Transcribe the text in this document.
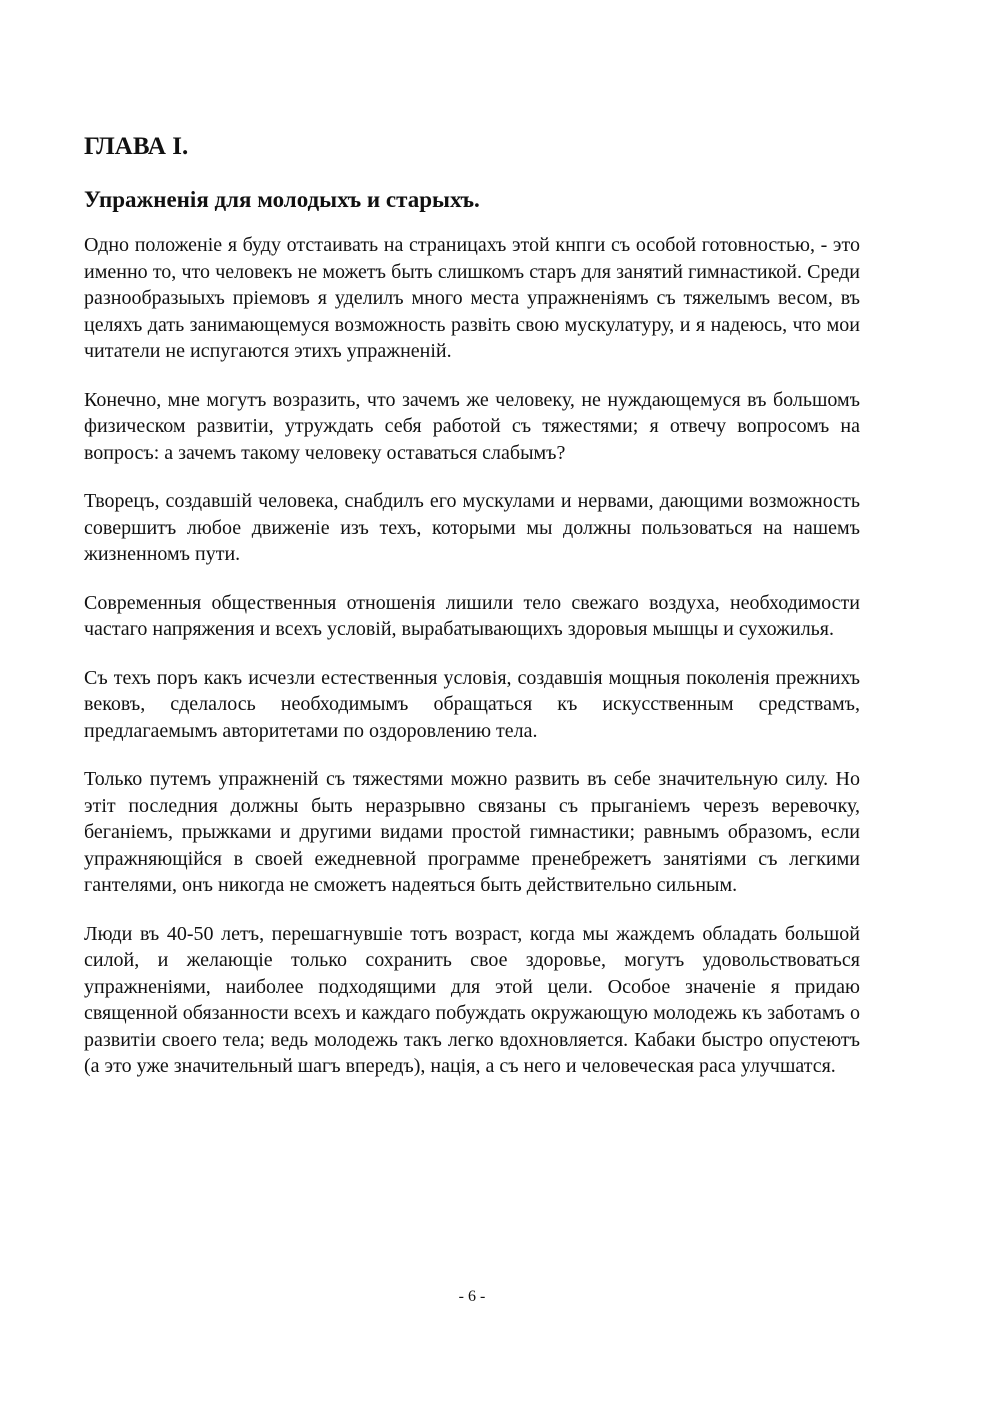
ГЛАВА I.
Упражненія для молодыхъ и старыхъ.

Одно положеніе я буду отстаивать на страницахъ этой кнпги съ особой готовностью, - это именно то, что человекъ не можетъ быть слишкомъ старъ для занятий гимнастикой. Среди разнообразыыхъ пріемовъ я уделилъ много места упражненіямъ съ тяжелымъ весом, въ целяхъ дать занимающемуся возможность развіть свою мускулатуру, и я надеюсь, что мои читатели не испугаются этихъ упражненій.

Конечно, мне могутъ возразить, что зачемъ же человеку, не нуждающемуся въ большомъ физическом развитіи, утруждать себя работой съ тяжестями; я отвечу вопросомъ на вопросъ: а зачемъ такому человеку оставаться слабымъ?

Творецъ, создавшій человека, снабдилъ его мускулами и нервами, дающими возможность совершитъ любое движеніе изъ техъ, которыми мы должны пользоваться на нашемъ жизненномъ пути.

Современныя общественныя отношенія лишили тело свежаго воздуха, необходимости частаго напряжения и всехъ условій, вырабатывающихъ здоровыя мышцы и сухожилья.

Съ техъ поръ какъ исчезли естественныя условія, создавшія мощныя поколенія прежнихъ вековъ, сделалось необходимымъ обращаться къ искусственным средствамъ, предлагаемымъ авторитетами по оздоровлению тела.

Только путемъ упражненій съ тяжестями можно развить въ себе значительную силу. Но этіт последния должны быть неразрывно связаны съ прыганіемъ черезъ веревочку, беганіемъ, прыжками и другими видами простой гимнастики; равнымъ образомъ, если упражняющійся в своей ежедневной программе пренебрежетъ занятіями съ легкими гантелями, онъ никогда не сможетъ надеяться быть действительно сильным.

Люди въ 40-50 летъ, перешагнувшіе тотъ возраст, когда мы жаждемъ обладать большой силой, и желающіе только сохранить свое здоровье, могутъ удовольствоваться упражненіями, наиболее подходящими для этой цели. Особое значеніе я придаю священной обязанности всехъ и каждаго побуждать окружающую молодежь къ заботамъ о развитіи своего тела; ведь молодежь такъ легко вдохновляется. Кабаки быстро опустеютъ (а это уже значительный шагъ впередъ), нація, а съ него и человеческая раса улучшатся.

- 6 -
